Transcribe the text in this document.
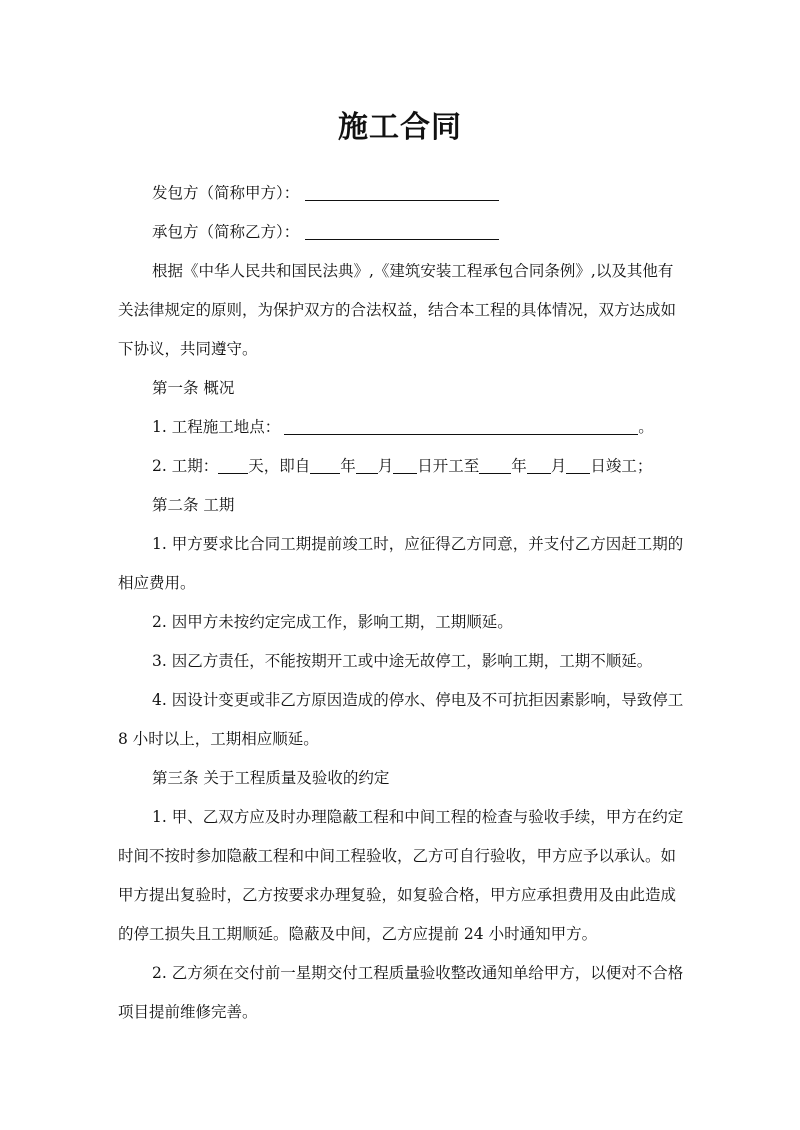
施工合同

发包方（简称甲方）：

承包方（简称乙方）：

根据《中华人民共和国民法典》,《建筑安装工程承包合同条例》,以及其他有关法律规定的原则，为保护双方的合法权益，结合本工程的具体情况，双方达成如下协议，共同遵守。

第一条 概况

1. 工程施工地点：	。

2. 工期： 天，即自 年 月 日开工至 年 月 日竣工；

第二条 工期

1. 甲方要求比合同工期提前竣工时，应征得乙方同意，并支付乙方因赶工期的相应费用。

2. 因甲方未按约定完成工作，影响工期，工期顺延。

3. 因乙方责任，不能按期开工或中途无故停工，影响工期，工期不顺延。

4. 因设计变更或非乙方原因造成的停水、停电及不可抗拒因素影响，导致停工 8 小时以上，工期相应顺延。

第三条 关于工程质量及验收的约定

1. 甲、乙双方应及时办理隐蔽工程和中间工程的检查与验收手续，甲方在约定时间不按时参加隐蔽工程和中间工程验收，乙方可自行验收，甲方应予以承认。如甲方提出复验时，乙方按要求办理复验，如复验合格，甲方应承担费用及由此造成的停工损失且工期顺延。隐蔽及中间，乙方应提前 24 小时通知甲方。

2. 乙方须在交付前一星期交付工程质量验收整改通知单给甲方，以便对不合格项目提前维修完善。
